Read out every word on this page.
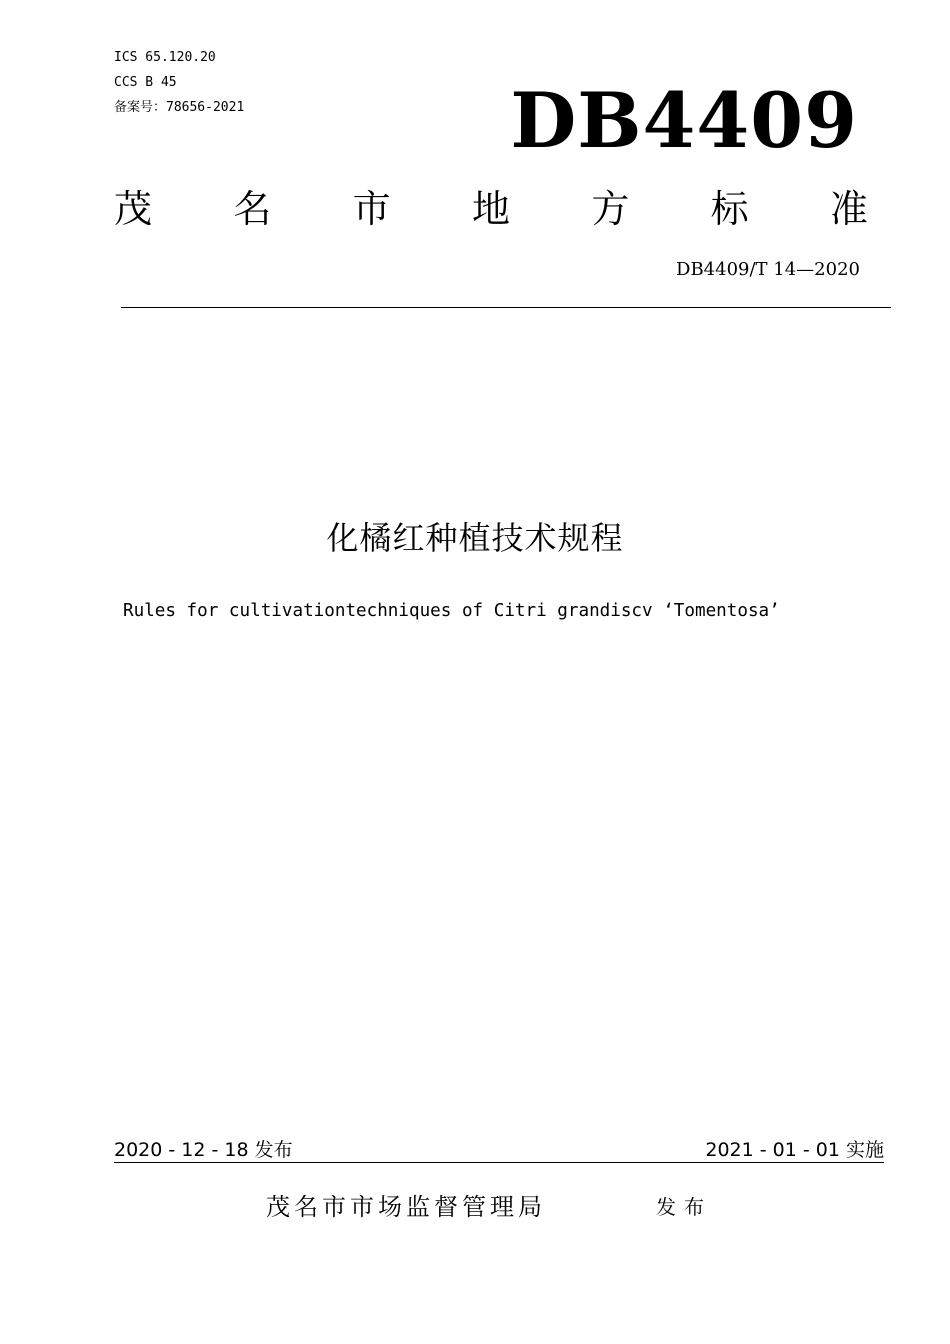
ICS 65.120.20
CCS B 45
备案号：78656-2021	DB4409
茂 名 市 地 方 标 准
DB4409/T 14—2020
化橘红种植技术规程
Rules for cultivationtechniques of Citri grandiscv ‘Tomentosa’
2020 - 12 - 18 发布	2021 - 01 - 01 实施
茂名市市场监督管理局	发布
